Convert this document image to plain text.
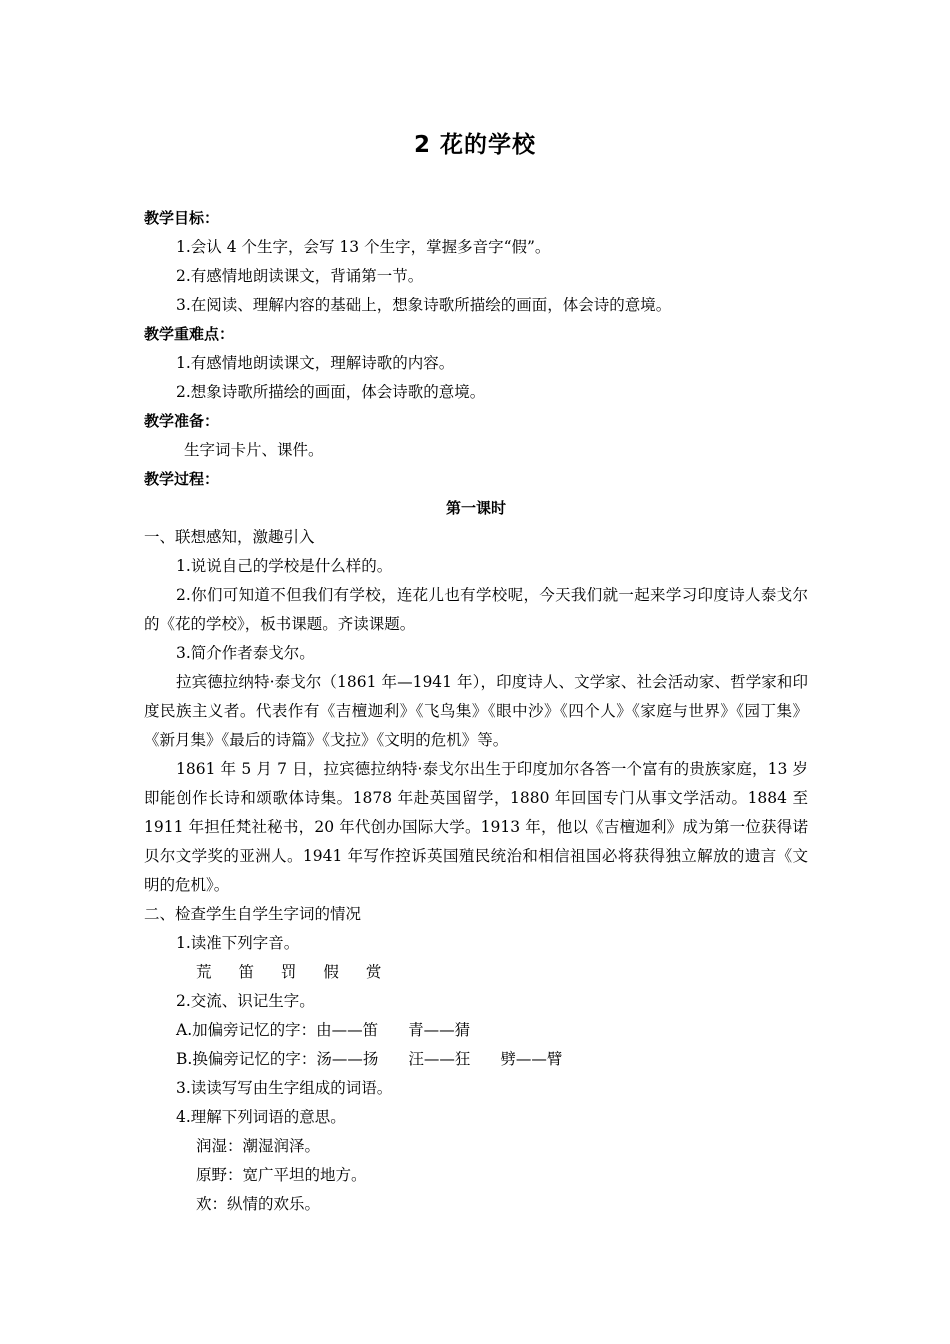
2 花的学校
教学目标：
1.会认 4 个生字，会写 13 个生字，掌握多音字“假”。
2.有感情地朗读课文，背诵第一节。
3.在阅读、理解内容的基础上，想象诗歌所描绘的画面，体会诗的意境。
教学重难点：
1.有感情地朗读课文，理解诗歌的内容。
2.想象诗歌所描绘的画面，体会诗歌的意境。
教学准备：
生字词卡片、课件。
教学过程：
第一课时
一、联想感知，激趣引入
1.说说自己的学校是什么样的。
2.你们可知道不但我们有学校，连花儿也有学校呢，今天我们就一起来学习印度诗人泰戈尔的《花的学校》，板书课题。齐读课题。
3.简介作者泰戈尔。
拉宾德拉纳特·泰戈尔（1861 年—1941 年），印度诗人、文学家、社会活动家、哲学家和印度民族主义者。代表作有《吉檀迦利》《飞鸟集》《眼中沙》《四个人》《家庭与世界》《园丁集》《新月集》《最后的诗篇》《戈拉》《文明的危机》等。
1861 年 5 月 7 日，拉宾德拉纳特·泰戈尔出生于印度加尔各答一个富有的贵族家庭，13 岁即能创作长诗和颂歌体诗集。1878 年赴英国留学，1880 年回国专门从事文学活动。1884 至 1911 年担任梵社秘书，20 年代创办国际大学。1913 年，他以《吉檀迦利》成为第一位获得诺贝尔文学奖的亚洲人。1941 年写作控诉英国殖民统治和相信祖国必将获得独立解放的遗言《文明的危机》。
二、检查学生自学生字词的情况
1.读准下列字音。
荒 笛 罚 假 赏
2.交流、识记生字。
A.加偏旁记忆的字：由——笛 青——猜
B.换偏旁记忆的字：汤——扬 汪——狂 劈——臂
3.读读写写由生字组成的词语。
4.理解下列词语的意思。
润湿：潮湿润泽。
原野：宽广平坦的地方。
欢：纵情的欢乐。
